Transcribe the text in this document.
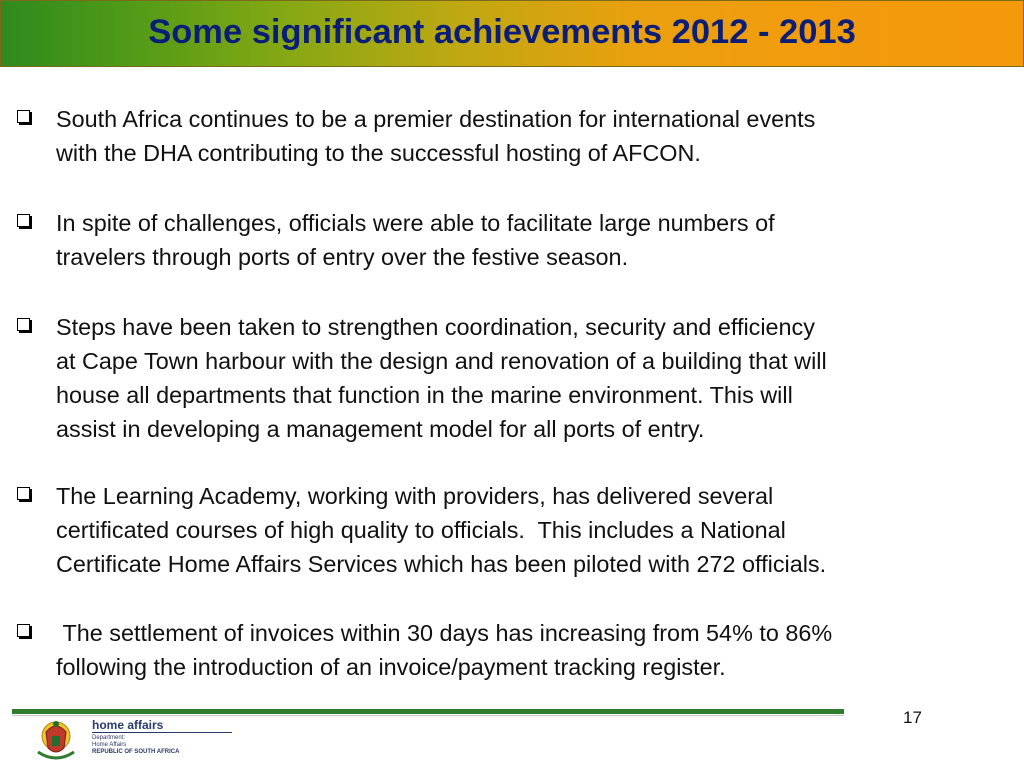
Some significant achievements 2012 - 2013
South Africa continues to be a premier destination for international events
with the DHA contributing to the successful hosting of AFCON.
In spite of challenges, officials were able to facilitate large numbers of
travelers through ports of entry over the festive season.
Steps have been taken to strengthen coordination, security and efficiency
at Cape Town harbour with the design and renovation of a building that will
house all departments that function in the marine environment. This will
assist in developing a management model for all ports of entry.
The Learning Academy, working with providers, has delivered several
certificated courses of high quality to officials.  This includes a National
Certificate Home Affairs Services which has been piloted with 272 officials.
The settlement of invoices within 30 days has increasing from 54% to 86%
following the introduction of an invoice/payment tracking register.
17
home affairs
Department:
Home Affairs
REPUBLIC OF SOUTH AFRICA
